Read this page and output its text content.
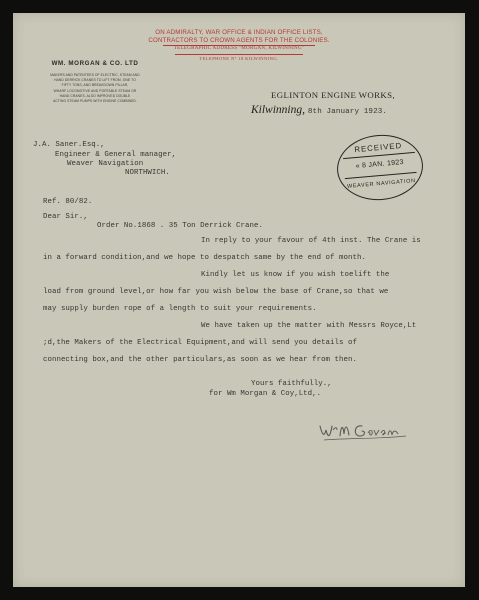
ON ADMIRALTY, WAR OFFICE & INDIAN OFFICE LISTS,
CONTRACTORS TO CROWN AGENTS FOR THE COLONIES.
TELEGRAPHIC ADDRESS "MORGAN, KILWINNING"
TELEPHONE Nº 18 KILWINNING.
WM. MORGAN & CO. LTD
MAKERS AND PATENTEES OF ELECTRIC, STEAM AND
HAND DERRICK CRANES TO LIFT FROM. ONE TO
FIFTY TONS, AND BREAKDOWN PILLAR,
WHARF LOCOMOTIVE AND PORTABLE STEAM OR
HAND CRANES, ALSO IMPROVED DOUBLE
ACTING STEAM PUMPS WITH ENGINE COMBINED.
EGLINTON ENGINE WORKS,
Kilwinning, 8th January 1923.
J.A. Saner.Esq.,
Engineer & General manager,
Weaver Navigation
NORTHWICH.
RECEIVED
« 8 JAN. 1923
WEAVER NAVIGATION
Ref. 80/82.
Dear Sir.,
Order No.1868 . 35 Ton Derrick Crane.
In reply to your favour of 4th inst. The Crane is
in a forward condition,and we hope to despatch same by the end of month.
Kindly let us know if you wish toelift the
load from ground level,or how far you wish below the base of Crane,so that we
may supply burden rope of a length to suit your requirements.
We have taken up the matter with Messrs Royce,Lt
;d,the Makers of the Electrical Equipment,and will send you details of
connecting box,and the other particulars,as soon as we hear from then.
Yours faithfully.,
for Wm Morgan & Coy,Ltd,.
